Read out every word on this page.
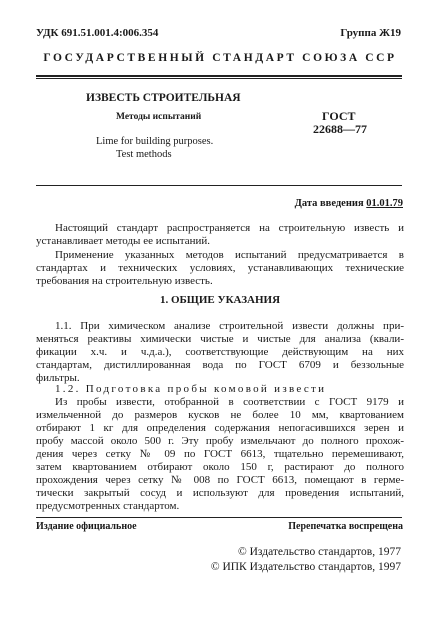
УДК 691.51.001.4:006.354	Группа Ж19
ГОСУДАРСТВЕННЫЙ СТАНДАРТ СОЮЗА ССР
ИЗВЕСТЬ СТРОИТЕЛЬНАЯ
Методы испытаний
Lime for building purposes.
Test methods
ГОСТ
22688—77
Дата введения 01.01.79
Настоящий стандарт распространяется на строительную известь и
устанавливает методы ее испытаний.
Применение указанных методов испытаний предусматривается в
стандартах и технических условиях, устанавливающих технические
требования на строительную известь.
1. ОБЩИЕ УКАЗАНИЯ
1.1. При химическом анализе строительной извести должны при-
меняться реактивы химически чистые и чистые для анализа (квали-
фикации х.ч. и ч.д.а.), соответствующие действующим на них
стандартам, дистиллированная вода по ГОСТ 6709 и беззольные
фильтры.
1.2. Подготовка пробы комовой извести
Из пробы извести, отобранной в соответствии с ГОСТ 9179 и
измельченной до размеров кусков не более 10 мм, квартованием
отбирают 1 кг для определения содержания непогасившихся зерен и
пробу массой около 500 г. Эту пробу измельчают до полного прохож-
дения через сетку № 09 по ГОСТ 6613, тщательно перемешивают,
затем квартованием отбирают около 150 г, растирают до полного
прохождения через сетку № 008 по ГОСТ 6613, помещают в герме-
тически закрытый сосуд и используют для проведения испытаний,
предусмотренных стандартом.
Издание официальное	Перепечатка воспрещена
© Издательство стандартов, 1977
© ИПК Издательство стандартов, 1997
